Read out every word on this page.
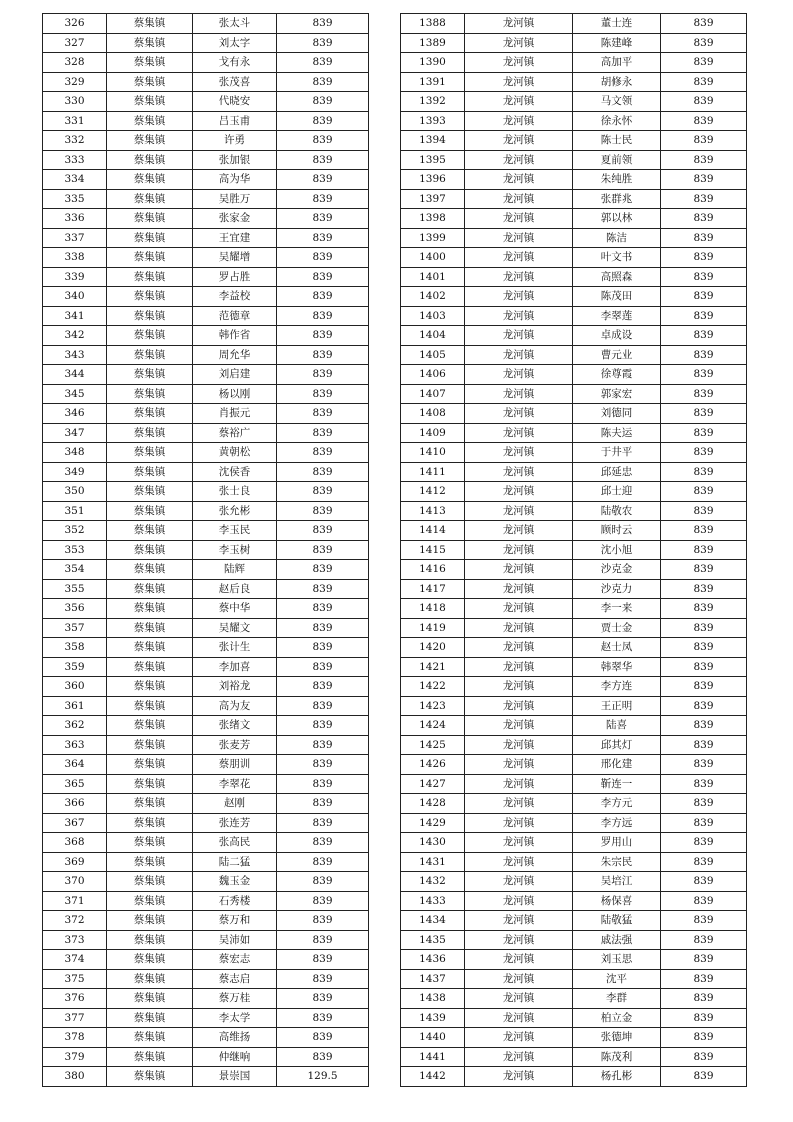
326	蔡集镇	张太斗	839
327	蔡集镇	刘太字	839
328	蔡集镇	戈有永	839
329	蔡集镇	张茂喜	839
330	蔡集镇	代晓安	839
331	蔡集镇	吕玉甫	839
332	蔡集镇	许勇	839
333	蔡集镇	张加银	839
334	蔡集镇	高为华	839
335	蔡集镇	吴胜万	839
336	蔡集镇	张家金	839
337	蔡集镇	王宜建	839
338	蔡集镇	吴耀增	839
339	蔡集镇	罗占胜	839
340	蔡集镇	李益校	839
341	蔡集镇	范德章	839
342	蔡集镇	韩作省	839
343	蔡集镇	周允华	839
344	蔡集镇	刘启建	839
345	蔡集镇	杨以刚	839
346	蔡集镇	肖振元	839
347	蔡集镇	蔡裕广	839
348	蔡集镇	黄朝松	839
349	蔡集镇	沈侯香	839
350	蔡集镇	张士良	839
351	蔡集镇	张允彬	839
352	蔡集镇	李玉民	839
353	蔡集镇	李玉树	839
354	蔡集镇	陆辉	839
355	蔡集镇	赵后良	839
356	蔡集镇	蔡中华	839
357	蔡集镇	吴耀文	839
358	蔡集镇	张计生	839
359	蔡集镇	李加喜	839
360	蔡集镇	刘裕龙	839
361	蔡集镇	高为友	839
362	蔡集镇	张绪文	839
363	蔡集镇	张麦芳	839
364	蔡集镇	蔡朋训	839
365	蔡集镇	李翠花	839
366	蔡集镇	赵刚	839
367	蔡集镇	张连芳	839
368	蔡集镇	张高民	839
369	蔡集镇	陆二猛	839
370	蔡集镇	魏玉金	839
371	蔡集镇	石秀楼	839
372	蔡集镇	蔡万和	839
373	蔡集镇	吴沛如	839
374	蔡集镇	蔡宏志	839
375	蔡集镇	蔡志启	839
376	蔡集镇	蔡万桂	839
377	蔡集镇	李太学	839
378	蔡集镇	高维扬	839
379	蔡集镇	仲继响	839
380	蔡集镇	景崇国	129.5
1388	龙河镇	董士连	839
1389	龙河镇	陈建峰	839
1390	龙河镇	高加平	839
1391	龙河镇	胡修永	839
1392	龙河镇	马文领	839
1393	龙河镇	徐永怀	839
1394	龙河镇	陈士民	839
1395	龙河镇	夏前领	839
1396	龙河镇	朱纯胜	839
1397	龙河镇	张群兆	839
1398	龙河镇	郭以林	839
1399	龙河镇	陈洁	839
1400	龙河镇	叶文书	839
1401	龙河镇	高照森	839
1402	龙河镇	陈茂田	839
1403	龙河镇	李翠莲	839
1404	龙河镇	卓成设	839
1405	龙河镇	曹元业	839
1406	龙河镇	徐尊霞	839
1407	龙河镇	郭家宏	839
1408	龙河镇	刘德同	839
1409	龙河镇	陈夫运	839
1410	龙河镇	于井平	839
1411	龙河镇	邱延忠	839
1412	龙河镇	邱士迎	839
1413	龙河镇	陆敬农	839
1414	龙河镇	顾时云	839
1415	龙河镇	沈小旭	839
1416	龙河镇	沙克金	839
1417	龙河镇	沙克力	839
1418	龙河镇	李一来	839
1419	龙河镇	贾士金	839
1420	龙河镇	赵士凤	839
1421	龙河镇	韩翠华	839
1422	龙河镇	李方连	839
1423	龙河镇	王正明	839
1424	龙河镇	陆喜	839
1425	龙河镇	邱其灯	839
1426	龙河镇	邢化建	839
1427	龙河镇	靳连一	839
1428	龙河镇	李方元	839
1429	龙河镇	李方远	839
1430	龙河镇	罗用山	839
1431	龙河镇	朱宗民	839
1432	龙河镇	吴培江	839
1433	龙河镇	杨保喜	839
1434	龙河镇	陆敬猛	839
1435	龙河镇	戚法强	839
1436	龙河镇	刘玉思	839
1437	龙河镇	沈平	839
1438	龙河镇	李群	839
1439	龙河镇	柏立金	839
1440	龙河镇	张德坤	839
1441	龙河镇	陈茂利	839
1442	龙河镇	杨孔彬	839
